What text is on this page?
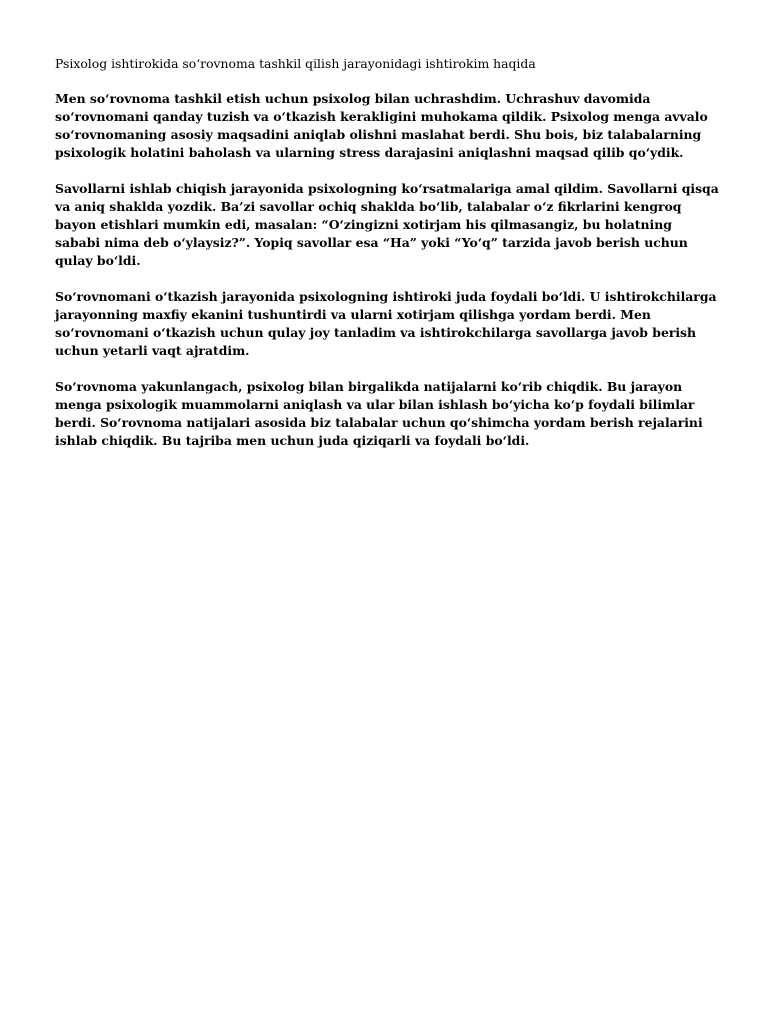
Psixolog ishtirokida so‘rovnoma tashkil qilish jarayonidagi ishtirokim haqida

Men so‘rovnoma tashkil etish uchun psixolog bilan uchrashdim. Uchrashuv davomida so‘rovnomani qanday tuzish va o‘tkazish kerakligini muhokama qildik. Psixolog menga avvalo so‘rovnomaning asosiy maqsadini aniqlab olishni maslahat berdi. Shu bois, biz talabalarning psixologik holatini baholash va ularning stress darajasini aniqlashni maqsad qilib qo‘ydik.

Savollarni ishlab chiqish jarayonida psixologning ko‘rsatmalariga amal qildim. Savollarni qisqa va aniq shaklda yozdik. Ba’zi savollar ochiq shaklda bo‘lib, talabalar o‘z fikrlarini kengroq bayon etishlari mumkin edi, masalan: “O‘zingizni xotirjam his qilmasangiz, bu holatning sababi nima deb o‘ylaysiz?”. Yopiq savollar esa “Ha” yoki “Yo‘q” tarzida javob berish uchun qulay bo‘ldi.

So‘rovnomani o‘tkazish jarayonida psixologning ishtiroki juda foydali bo‘ldi. U ishtirokchilarga jarayonning maxfiy ekanini tushuntirdi va ularni xotirjam qilishga yordam berdi. Men so‘rovnomani o‘tkazish uchun qulay joy tanladim va ishtirokchilarga savollarga javob berish uchun yetarli vaqt ajratdim.

So‘rovnoma yakunlangach, psixolog bilan birgalikda natijalarni ko‘rib chiqdik. Bu jarayon menga psixologik muammolarni aniqlash va ular bilan ishlash bo‘yicha ko‘p foydali bilimlar berdi. So‘rovnoma natijalari asosida biz talabalar uchun qo‘shimcha yordam berish rejalarini ishlab chiqdik. Bu tajriba men uchun juda qiziqarli va foydali bo‘ldi.
